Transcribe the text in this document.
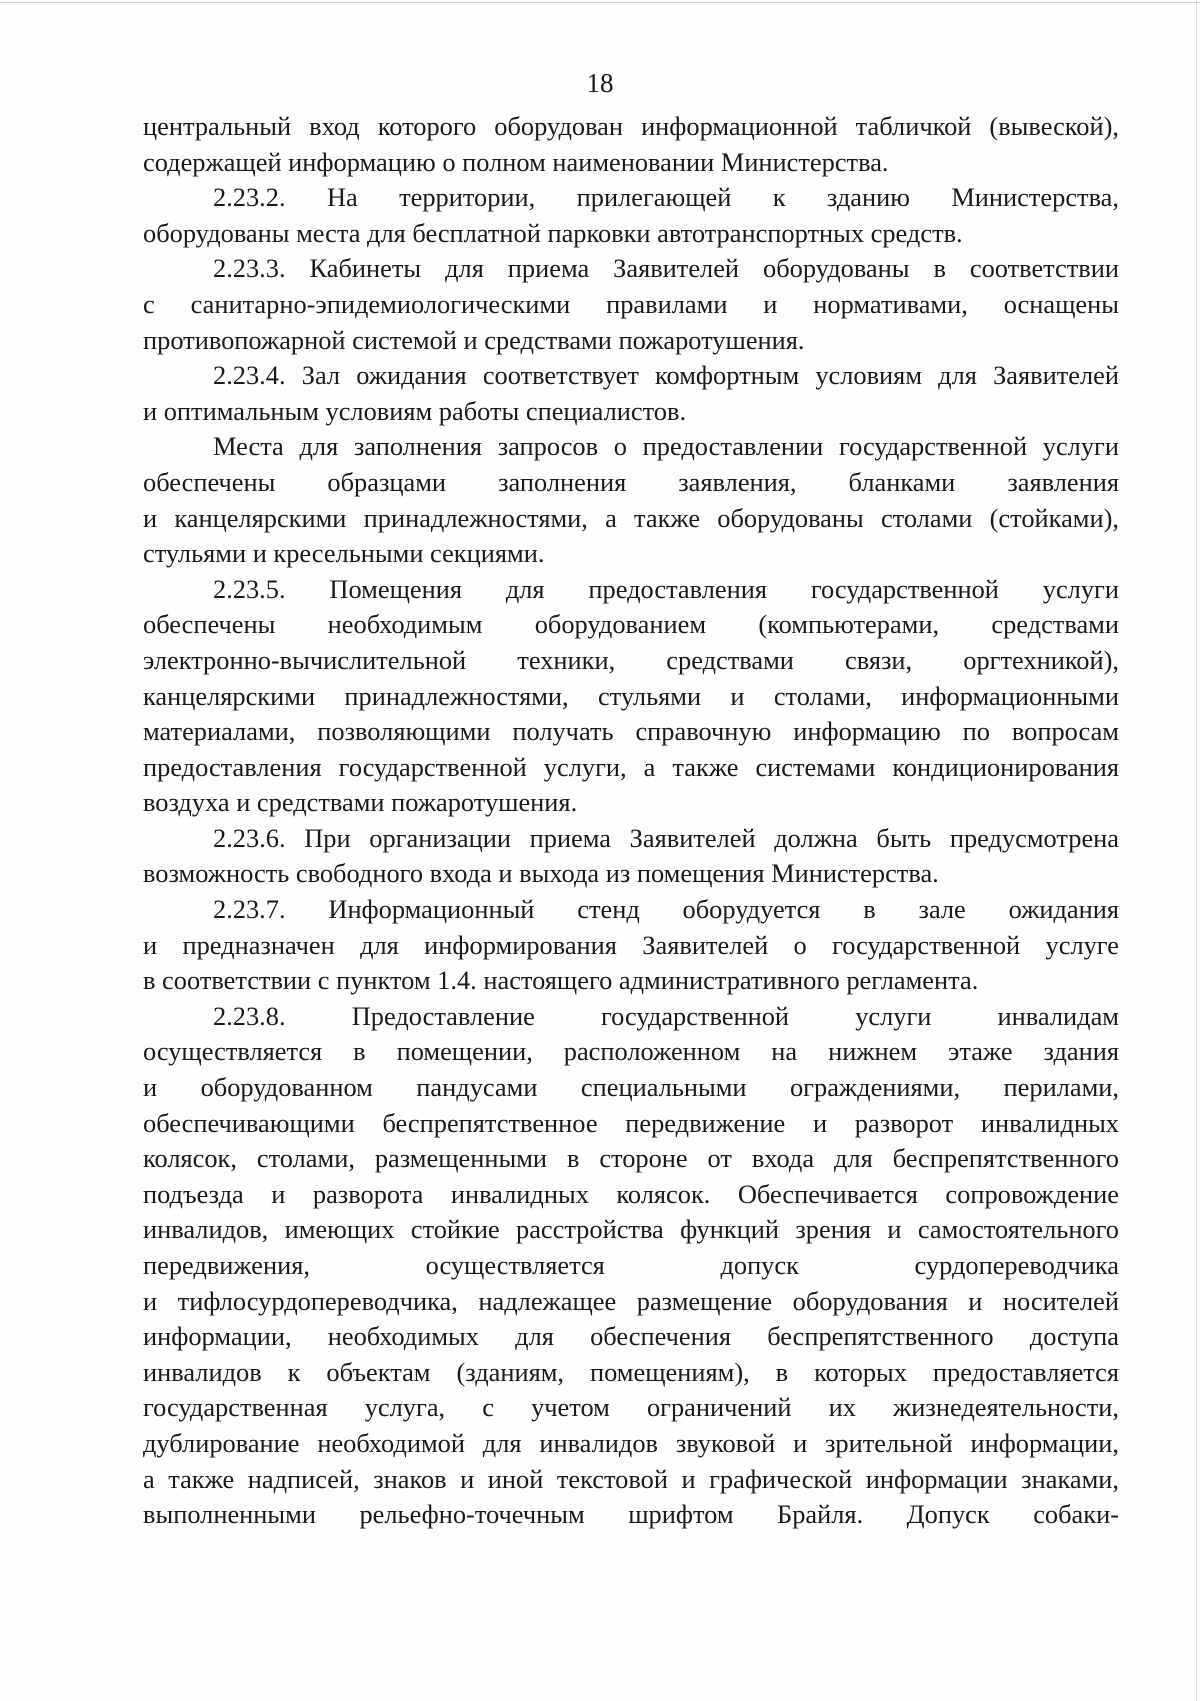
18
центральный вход которого оборудован информационной табличкой (вывеской),
содержащей информацию о полном наименовании Министерства.
2.23.2. На территории, прилегающей к зданию Министерства,
оборудованы места для бесплатной парковки автотранспортных средств.
2.23.3. Кабинеты для приема Заявителей оборудованы в соответствии
с санитарно-эпидемиологическими правилами и нормативами, оснащены
противопожарной системой и средствами пожаротушения.
2.23.4. Зал ожидания соответствует комфортным условиям для Заявителей
и оптимальным условиям работы специалистов.
Места для заполнения запросов о предоставлении государственной услуги
обеспечены образцами заполнения заявления, бланками заявления
и канцелярскими принадлежностями, а также оборудованы столами (стойками),
стульями и кресельными секциями.
2.23.5. Помещения для предоставления государственной услуги
обеспечены необходимым оборудованием (компьютерами, средствами
электронно-вычислительной техники, средствами связи, оргтехникой),
канцелярскими принадлежностями, стульями и столами, информационными
материалами, позволяющими получать справочную информацию по вопросам
предоставления государственной услуги, а также системами кондиционирования
воздуха и средствами пожаротушения.
2.23.6. При организации приема Заявителей должна быть предусмотрена
возможность свободного входа и выхода из помещения Министерства.
2.23.7. Информационный стенд оборудуется в зале ожидания
и предназначен для информирования Заявителей о государственной услуге
в соответствии с пунктом 1.4. настоящего административного регламента.
2.23.8. Предоставление государственной услуги инвалидам
осуществляется в помещении, расположенном на нижнем этаже здания
и оборудованном пандусами специальными ограждениями, перилами,
обеспечивающими беспрепятственное передвижение и разворот инвалидных
колясок, столами, размещенными в стороне от входа для беспрепятственного
подъезда и разворота инвалидных колясок. Обеспечивается сопровождение
инвалидов, имеющих стойкие расстройства функций зрения и самостоятельного
передвижения, осуществляется допуск сурдопереводчика
и тифлосурдопереводчика, надлежащее размещение оборудования и носителей
информации, необходимых для обеспечения беспрепятственного доступа
инвалидов к объектам (зданиям, помещениям), в которых предоставляется
государственная услуга, с учетом ограничений их жизнедеятельности,
дублирование необходимой для инвалидов звуковой и зрительной информации,
а также надписей, знаков и иной текстовой и графической информации знаками,
выполненными рельефно-точечным шрифтом Брайля. Допуск собаки-
